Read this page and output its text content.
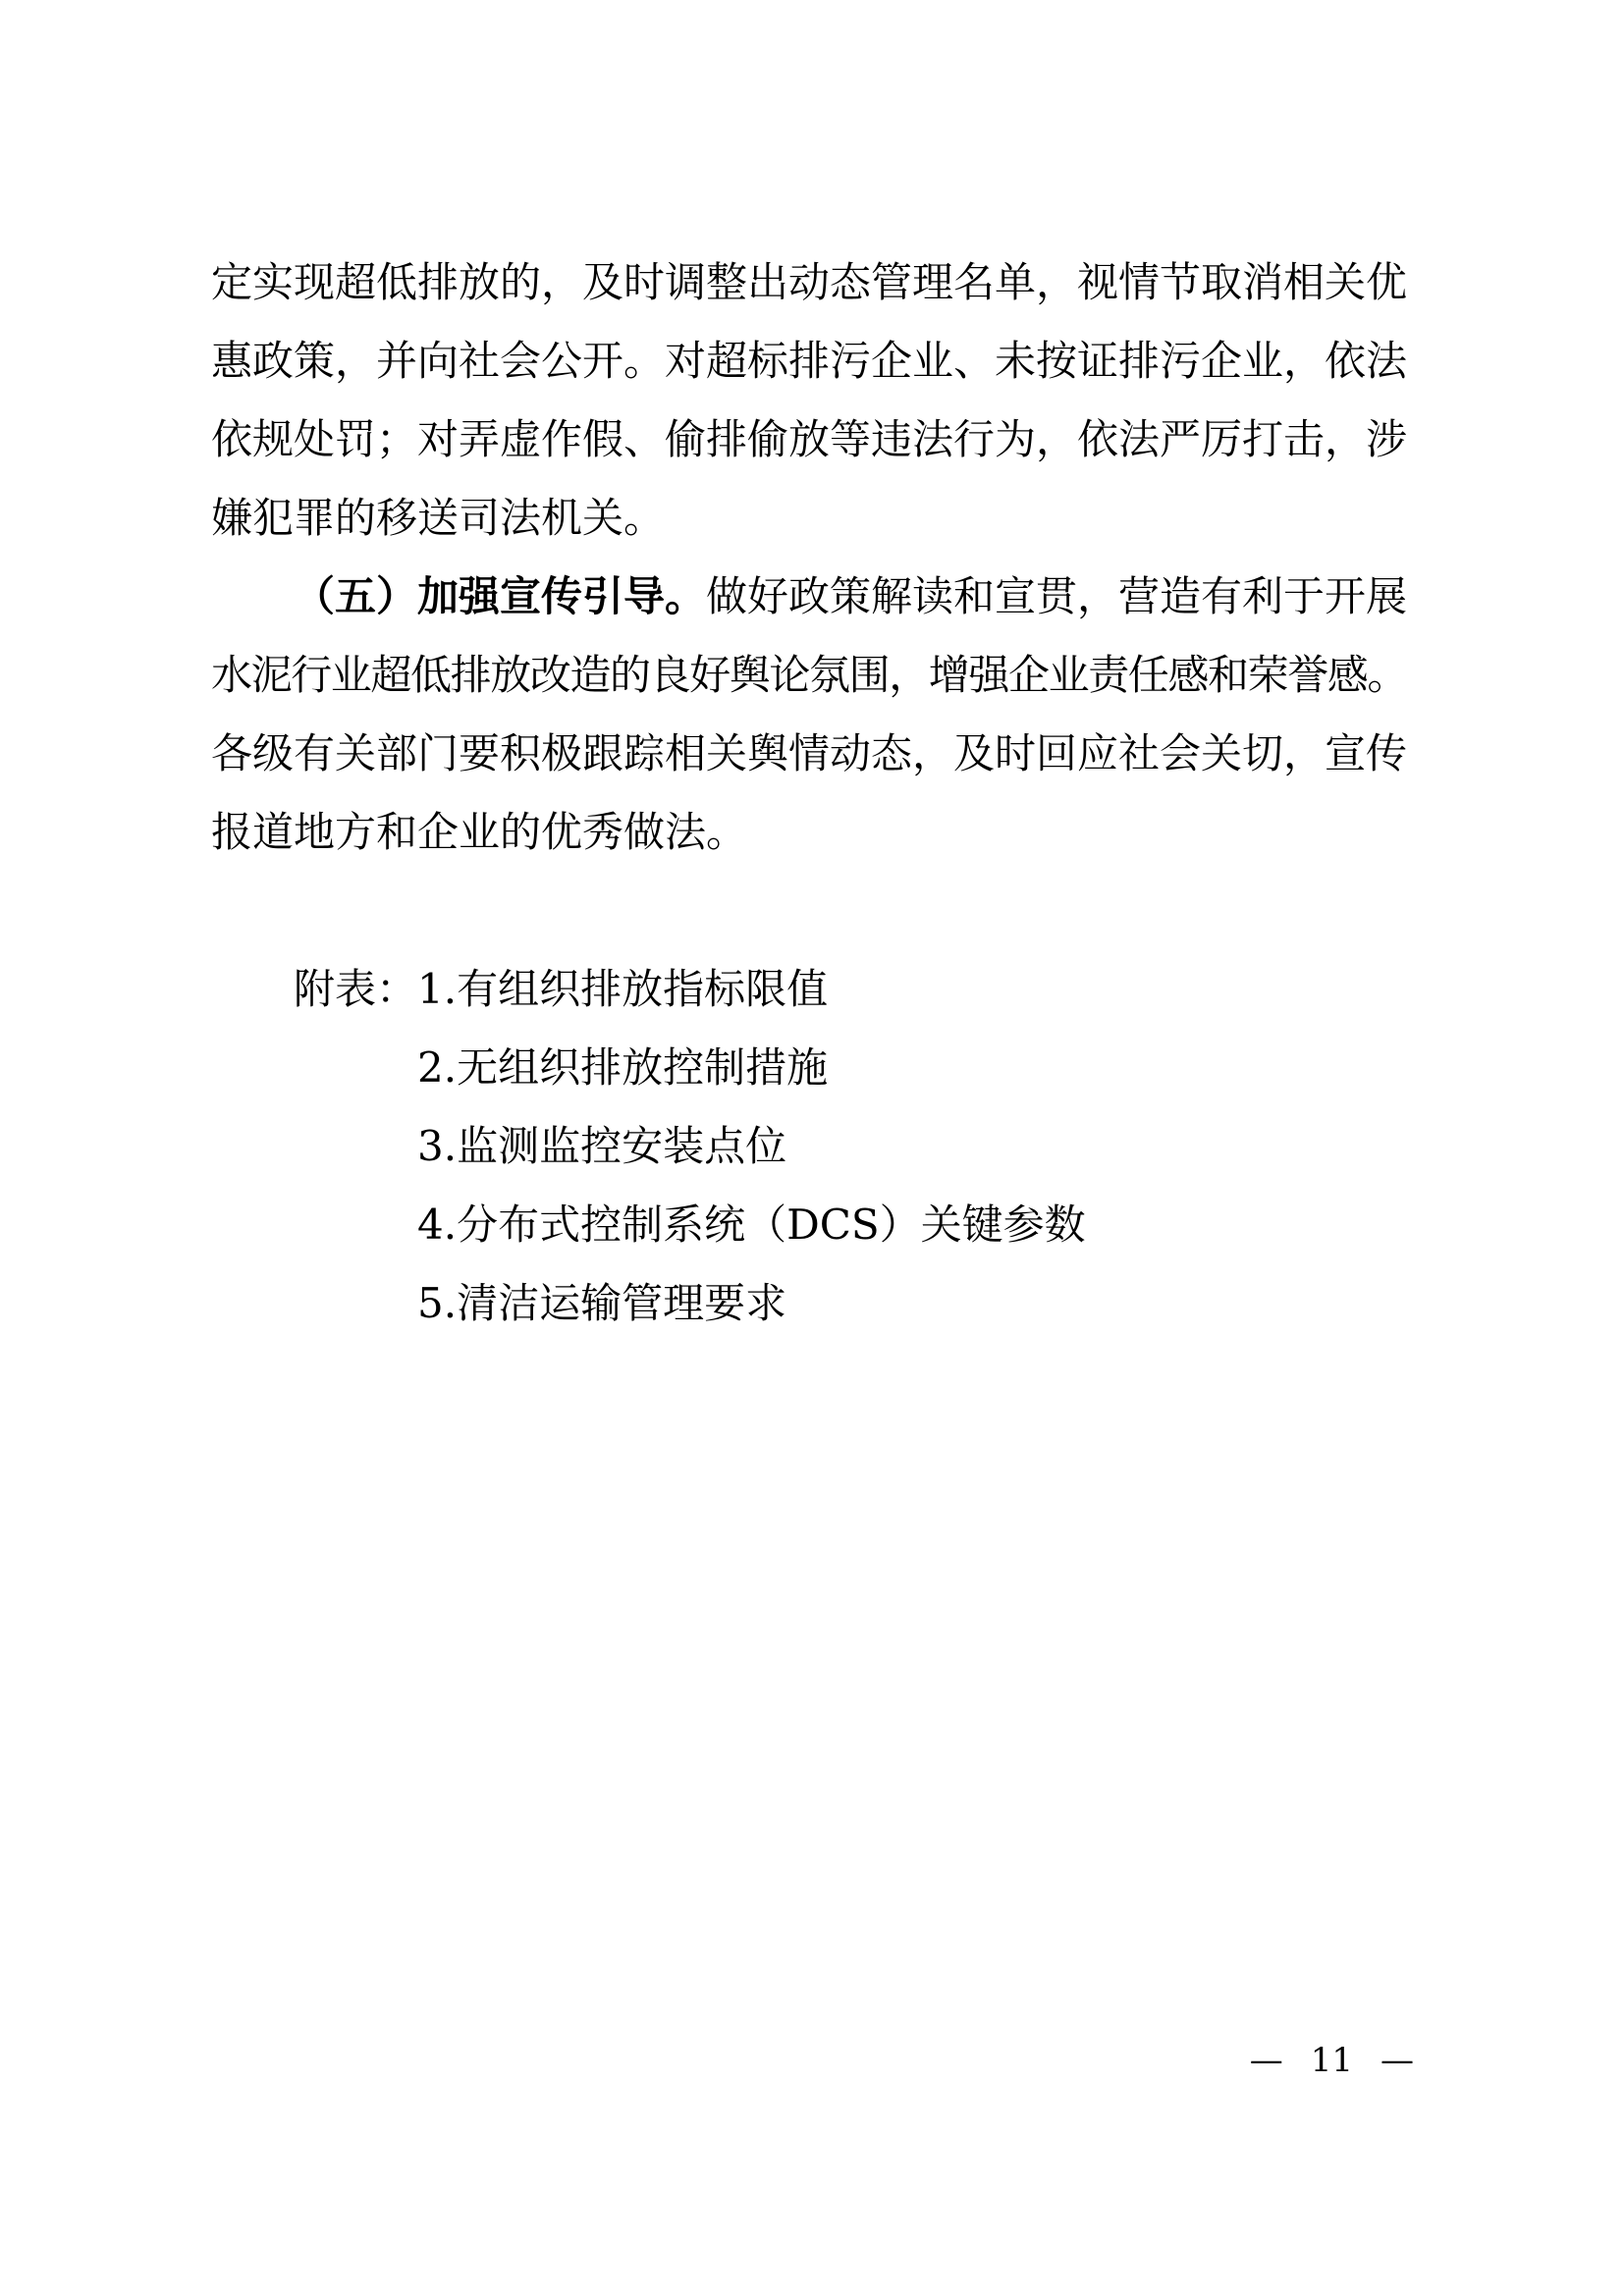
定实现超低排放的，及时调整出动态管理名单，视情节取消相关优
惠政策，并向社会公开。对超标排污企业、未按证排污企业，依法
依规处罚；对弄虚作假、偷排偷放等违法行为，依法严厉打击，涉
嫌犯罪的移送司法机关。
（五）加强宣传引导。做好政策解读和宣贯，营造有利于开展
水泥行业超低排放改造的良好舆论氛围，增强企业责任感和荣誉感。
各级有关部门要积极跟踪相关舆情动态，及时回应社会关切，宣传
报道地方和企业的优秀做法。
附表： 1.有组织排放指标限值
2.无组织排放控制措施
3.监测监控安装点位
4.分布式控制系统（DCS）关键参数
5.清洁运输管理要求
— 11 —
